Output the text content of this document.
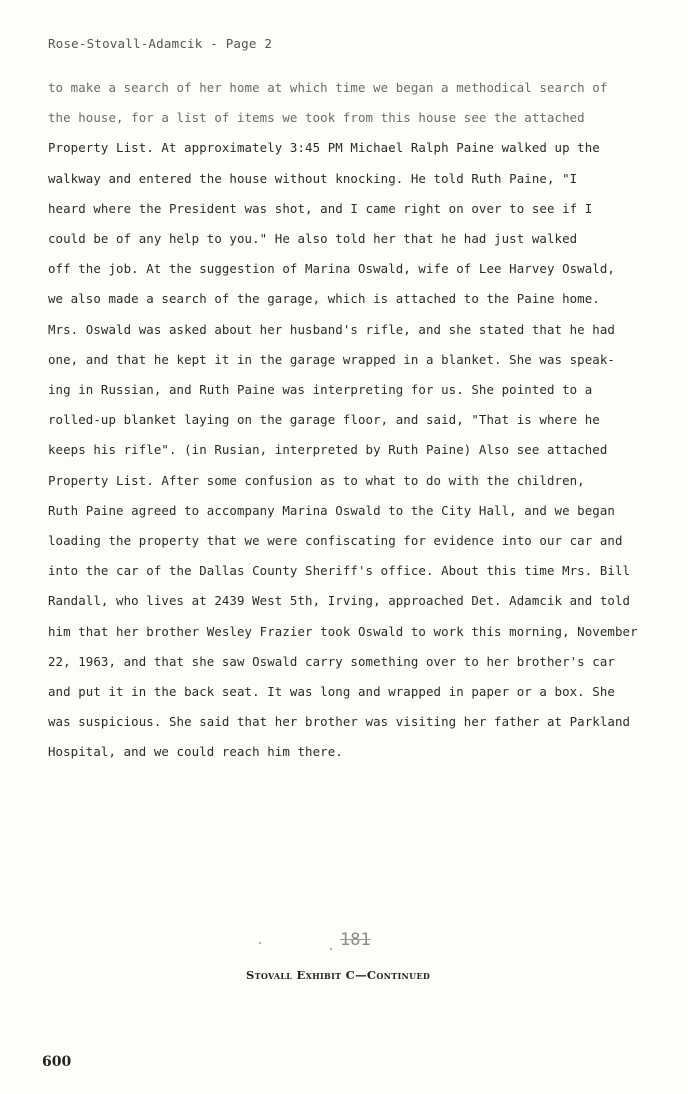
Rose-Stovall-Adamcik - Page 2
to make a search of her home at which time we began a methodical search of
the house, for a list of items we took from this house see the attached
Property List. At approximately 3:45 PM Michael Ralph Paine walked up the
walkway and entered the house without knocking. He told Ruth Paine, "I
heard where the President was shot, and I came right on over to see if I
could be of any help to you." He also told her that he had just walked
off the job. At the suggestion of Marina Oswald, wife of Lee Harvey Oswald,
we also made a search of the garage, which is attached to the Paine home.
Mrs. Oswald was asked about her husband's rifle, and she stated that he had
one, and that he kept it in the garage wrapped in a blanket. She was speak-
ing in Russian, and Ruth Paine was interpreting for us. She pointed to a
rolled-up blanket laying on the garage floor, and said, "That is where he
keeps his rifle". (in Rusian, interpreted by Ruth Paine) Also see attached
Property List. After some confusion as to what to do with the children,
Ruth Paine agreed to accompany Marina Oswald to the City Hall, and we began
loading the property that we were confiscating for evidence into our car and
into the car of the Dallas County Sheriff's office. About this time Mrs. Bill
Randall, who lives at 2439 West 5th, Irving, approached Det. Adamcik and told
him that her brother Wesley Frazier took Oswald to work this morning, November
22, 1963, and that she saw Oswald carry something over to her brother's car
and put it in the back seat. It was long and wrapped in paper or a box. She
was suspicious. She said that her brother was visiting her father at Parkland
Hospital, and we could reach him there.
181
Stovall Exhibit C—Continued
600
